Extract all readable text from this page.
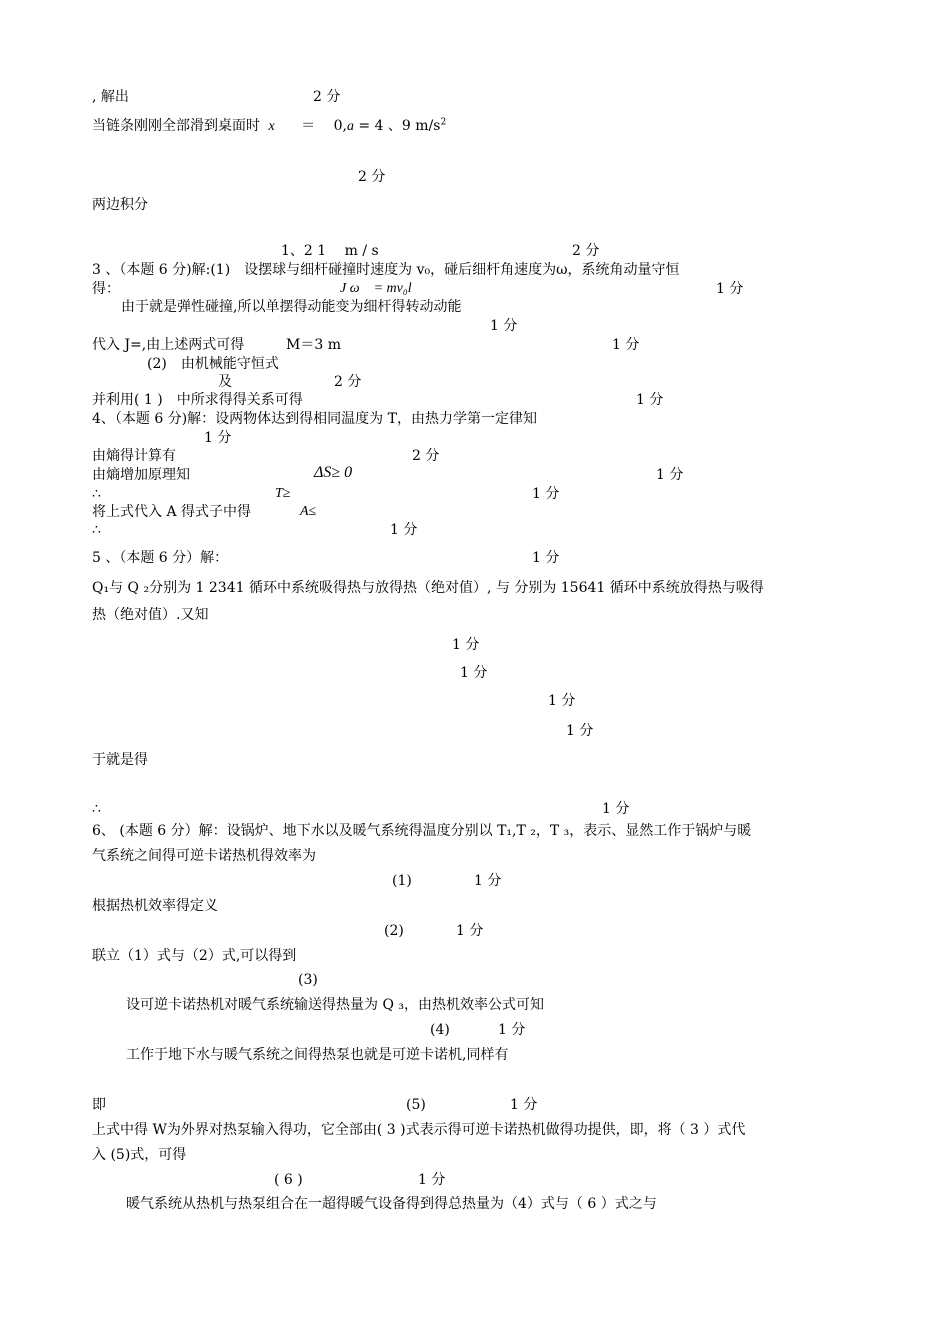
, 解出	2 分
当链条刚刚全部滑到桌面时 x ＝ 0,a = 4 、9 $m/s^2$
2 分
两边积分
1、2 1　 m / s	2 分
3 、（本题 6 分)解:(1)　设摆球与细杆碰撞时速度为 v₀，碰后细杆角速度为ω，系统角动量守恒
得：	J ω　= mv₀l	1 分
由于就是弹性碰撞,所以单摆得动能变为细杆得转动动能
1 分
代入 J=,由上述两式可得	M＝3 m	1 分
(2)　由机械能守恒式
及	2 分
并利用( 1 )　中所求得得关系可得	1 分
4、（本题 6 分)解：设两物体达到得相同温度为 T，由热力学第一定律知
1 分
由熵得计算有	2 分
由熵增加原理知	ΔS≥ 0	1 分
∴	T≥	1 分
将上式代入 A 得式子中得	A≤
∴	1 分
5 、（本题 6 分）解：	1 分
Q₁与 Q ₂分别为 1 2341 循环中系统吸得热与放得热（绝对值）, 与 分别为 15641 循环中系统放得热与吸得
热（绝对值）.又知
1 分
1 分
1 分
1 分
于就是得
∴	1 分
6、 (本题 6 分）解：设锅炉、地下水以及暖气系统得温度分别以 T₁,T ₂，T ₃，表示、显然工作于锅炉与暖
气系统之间得可逆卡诺热机得效率为
(1)	1 分
根据热机效率得定义
(2)	1 分
联立（1）式与（2）式,可以得到
(3)
设可逆卡诺热机对暖气系统输送得热量为 Q ₃，由热机效率公式可知
(4)	1 分
工作于地下水与暖气系统之间得热泵也就是可逆卡诺机,同样有
即	(5)	1 分
上式中得 W为外界对热泵输入得功，它全部由( 3 )式表示得可逆卡诺热机做得功提供，即，将（ 3 ）式代
入 (5)式，可得
( 6 )	1 分
暖气系统从热机与热泵组合在一超得暖气设备得到得总热量为（4）式与（ 6 ）式之与
